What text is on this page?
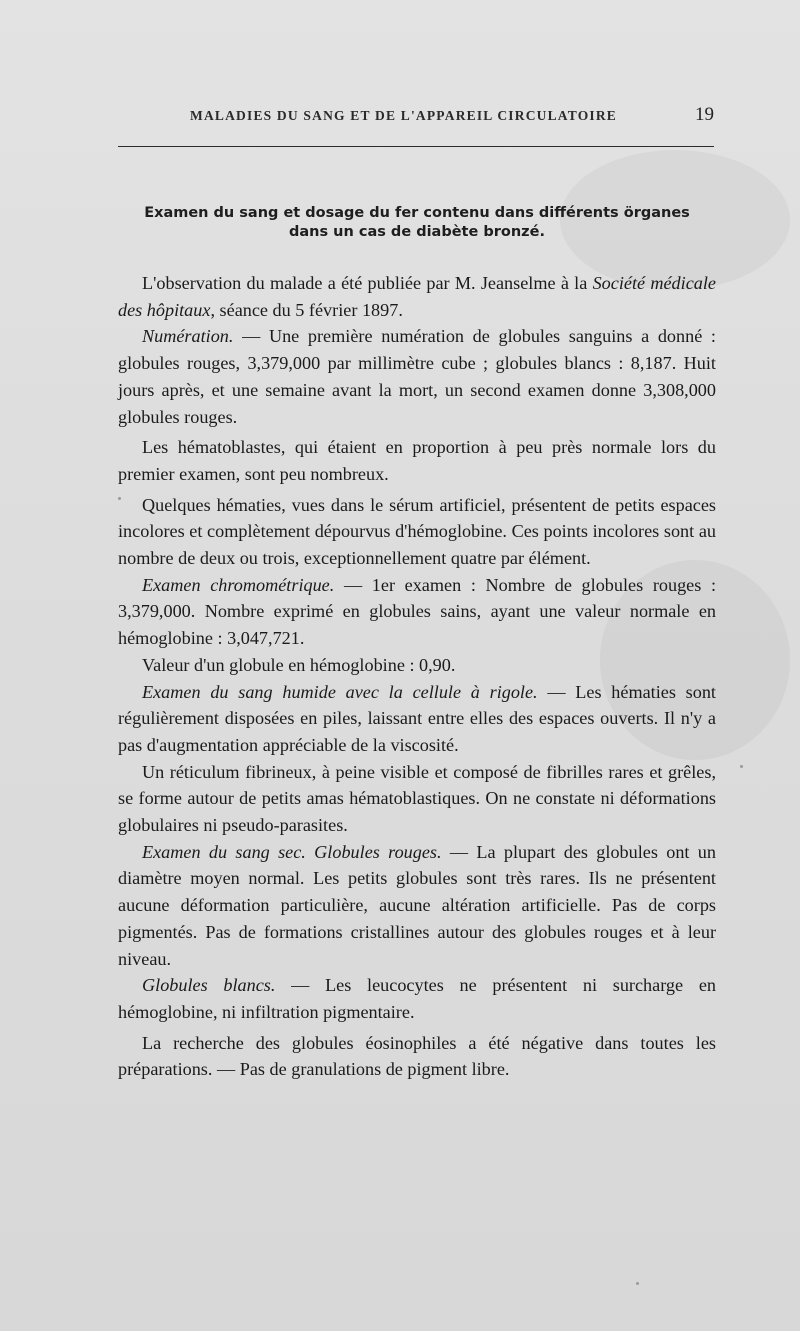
MALADIES DU SANG ET DE L'APPAREIL CIRCULATOIRE	19
Examen du sang et dosage du fer contenu dans différents örganes
dans un cas de diabète bronzé.

L'observation du malade a été publiée par M. Jeanselme à la Société médicale des hôpitaux, séance du 5 février 1897.

Numération. — Une première numération de globules sanguins a donné : globules rouges, 3,379,000 par millimètre cube ; globules blancs : 8,187. Huit jours après, et une semaine avant la mort, un second examen donne 3,308,000 globules rouges.

Les hématoblastes, qui étaient en proportion à peu près normale lors du premier examen, sont peu nombreux.

Quelques hématies, vues dans le sérum artificiel, présentent de petits espaces incolores et complètement dépourvus d'hémoglobine. Ces points incolores sont au nombre de deux ou trois, exceptionnellement quatre par élément.

Examen chromométrique. — 1er examen : Nombre de globules rouges : 3,379,000. Nombre exprimé en globules sains, ayant une valeur normale en hémoglobine : 3,047,721.

Valeur d'un globule en hémoglobine : 0,90.

Examen du sang humide avec la cellule à rigole. — Les hématies sont régulièrement disposées en piles, laissant entre elles des espaces ouverts. Il n'y a pas d'augmentation appréciable de la viscosité.

Un réticulum fibrineux, à peine visible et composé de fibrilles rares et grêles, se forme autour de petits amas hématoblastiques. On ne constate ni déformations globulaires ni pseudo-parasites.

Examen du sang sec. Globules rouges. — La plupart des globules ont un diamètre moyen normal. Les petits globules sont très rares. Ils ne présentent aucune déformation particulière, aucune altération artificielle. Pas de corps pigmentés. Pas de formations cristallines autour des globules rouges et à leur niveau.

Globules blancs. — Les leucocytes ne présentent ni surcharge en hémoglobine, ni infiltration pigmentaire.

La recherche des globules éosinophiles a été négative dans toutes les préparations. — Pas de granulations de pigment libre.
